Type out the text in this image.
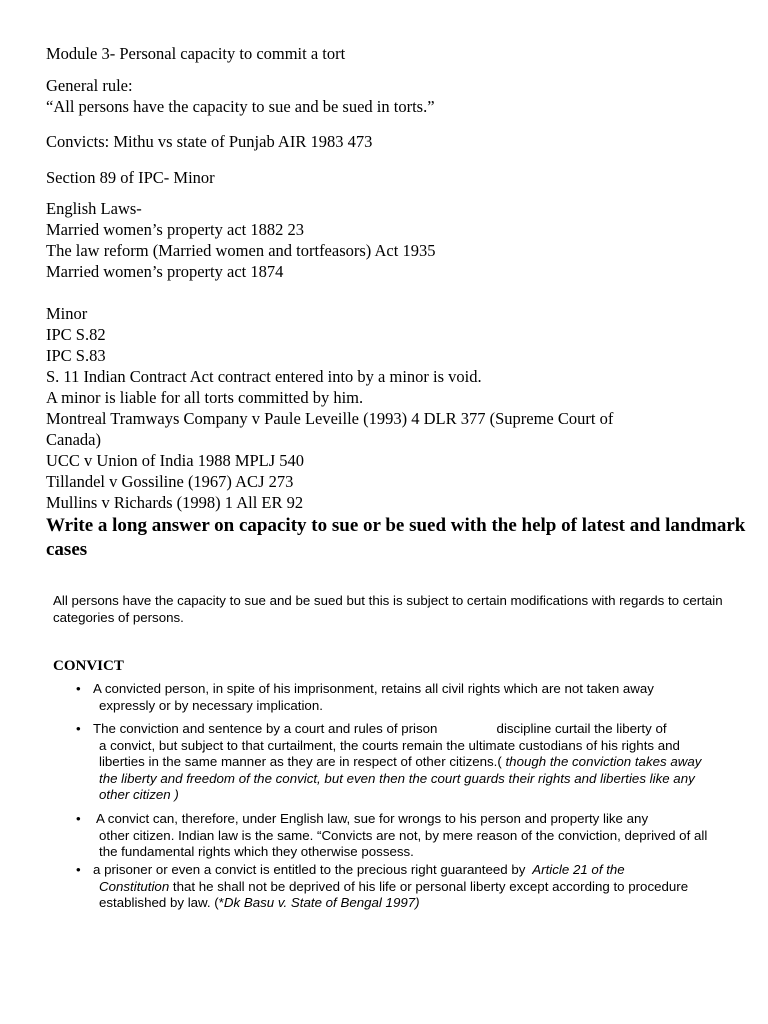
Module 3- Personal capacity to commit a tort
General rule:
“All persons have the capacity to sue and be sued in torts.”
Convicts: Mithu vs state of Punjab AIR 1983 473
Section 89 of IPC- Minor
English Laws-
Married women’s property act 1882 23
The law reform (Married women and tortfeasors) Act 1935
Married women’s property act 1874
Minor
IPC S.82
IPC S.83
S. 11 Indian Contract Act contract entered into by a minor is void.
A minor is liable for all torts committed by him.
Montreal Tramways Company v Paule Leveille (1993) 4 DLR 377 (Supreme Court of
Canada)
UCC v Union of India 1988 MPLJ 540
Tillandel v Gossiline (1967) ACJ 273
Mullins v Richards (1998) 1 All ER 92
Write a long answer on capacity to sue or be sued with the help of latest and landmark cases
All persons have the capacity to sue and be sued but this is subject to certain modifications with regards to certain categories of persons.
CONVICT
• A convicted person, in spite of his imprisonment, retains all civil rights which are not taken away
expressly or by necessary implication.
• The conviction and sentence by a court and rules of prison                discipline curtail the liberty of
a convict, but subject to that curtailment, the courts remain the ultimate custodians of his rights and liberties in the same manner as they are in respect of other citizens.( though the conviction takes away the liberty and freedom of the convict, but even then the court guards their rights and liberties like any other citizen )
• A convict can, therefore, under English law, sue for wrongs to his person and property like any
other citizen. Indian law is the same. “Convicts are not, by mere reason of the conviction, deprived of all the fundamental rights which they otherwise possess.
• a prisoner or even a convict is entitled to the precious right guaranteed by  Article 21 of the
Constitution that he shall not be deprived of his life or personal liberty except according to procedure established by law. (*Dk Basu v. State of Bengal 1997)
